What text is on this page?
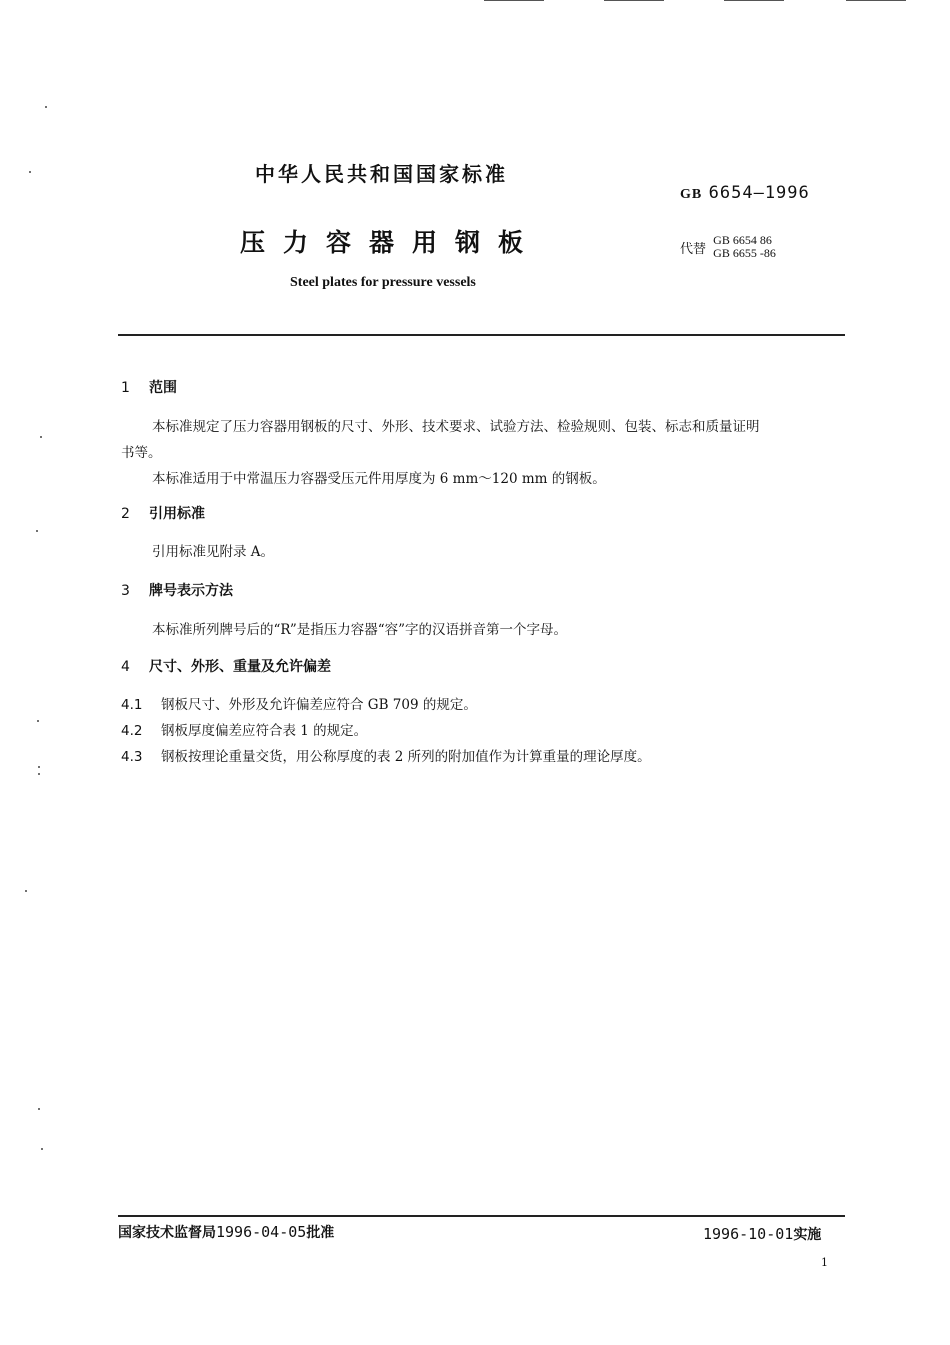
中华人民共和国国家标准
GB 6654—1996
压力容器用钢板	代替 GB 6654 86
GB 6655 -86
Steel plates for pressure vessels
1 范围
本标准规定了压力容器用钢板的尺寸、外形、技术要求、试验方法、检验规则、包装、标志和质量证明
书等。
本标准适用于中常温压力容器受压元件用厚度为 6 mm～120 mm 的钢板。
2 引用标准
引用标准见附录 A。
3 牌号表示方法
本标准所列牌号后的“R”是指压力容器“容”字的汉语拼音第一个字母。
4 尺寸、外形、重量及允许偏差
4.1 钢板尺寸、外形及允许偏差应符合 GB 709 的规定。
4.2 钢板厚度偏差应符合表 1 的规定。
4.3 钢板按理论重量交货，用公称厚度的表 2 所列的附加值作为计算重量的理论厚度。
国家技术监督局1996-04-05批准	1996-10-01实施
1
